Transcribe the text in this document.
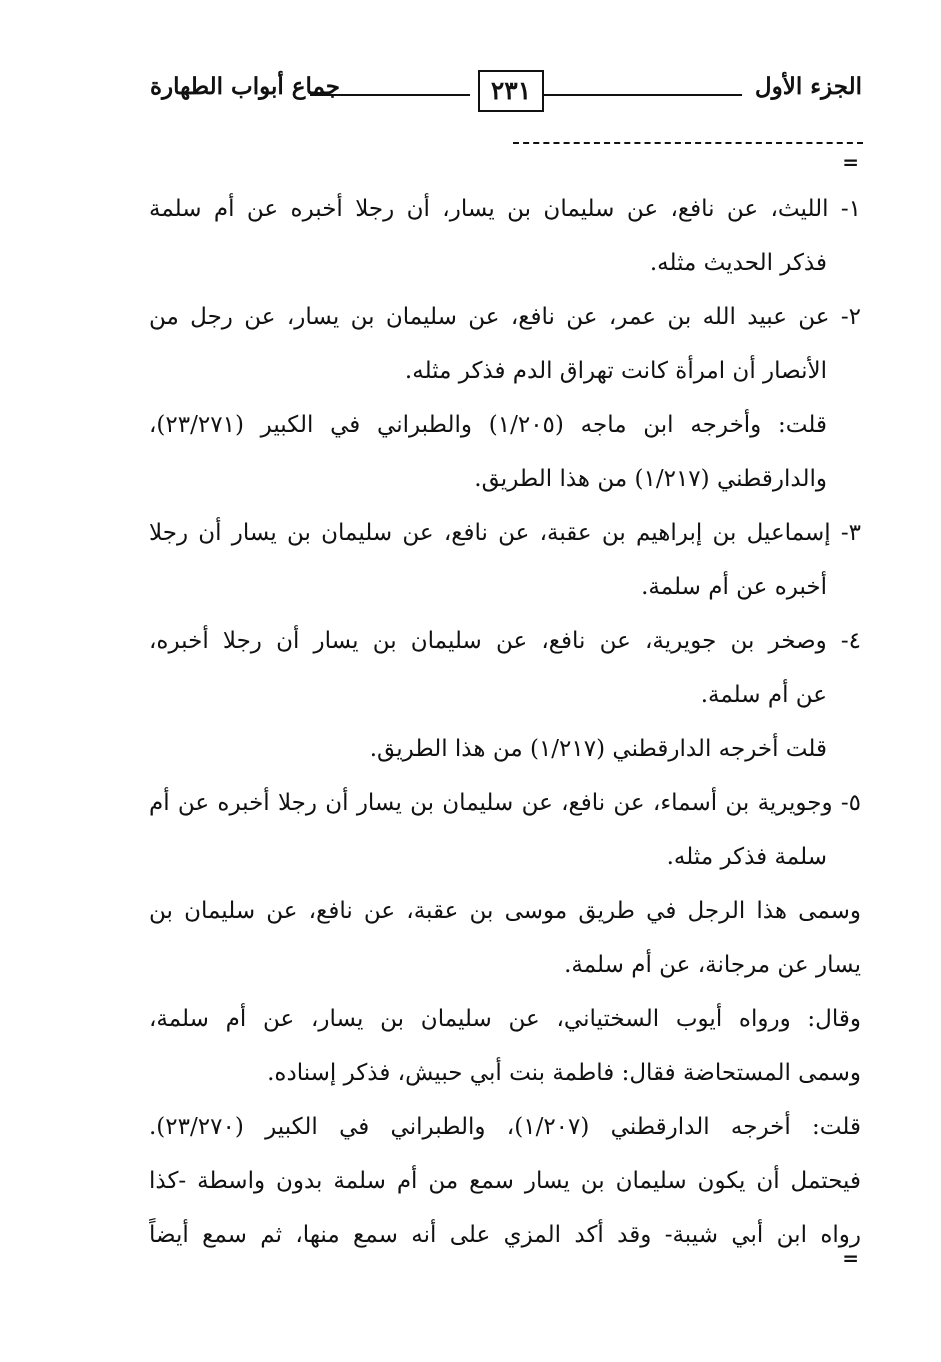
الجزء الأول
٢٣١
جماع أبواب الطهارة
=
١- الليث، عن نافع، عن سليمان بن يسار، أن رجلا أخبره عن أم سلمة
فذكر الحديث مثله.
٢- عن عبيد الله بن عمر، عن نافع، عن سليمان بن يسار، عن رجل من
الأنصار أن امرأة كانت تهراق الدم فذكر مثله.
قلت: وأخرجه ابن ماجه (١/٢٠٥) والطبراني في الكبير (٢٣/٢٧١)،
والدارقطني (١/٢١٧) من هذا الطريق.
٣- إسماعيل بن إبراهيم بن عقبة، عن نافع، عن سليمان بن يسار أن رجلا
أخبره عن أم سلمة.
٤- وصخر بن جويرية، عن نافع، عن سليمان بن يسار أن رجلا أخبره،
عن أم سلمة.
قلت أخرجه الدارقطني (١/٢١٧) من هذا الطريق.
٥- وجويرية بن أسماء، عن نافع، عن سليمان بن يسار أن رجلا أخبره عن أم
سلمة فذكر مثله.
وسمى هذا الرجل في طريق موسى بن عقبة، عن نافع، عن سليمان بن
يسار عن مرجانة، عن أم سلمة.
وقال: ورواه أيوب السختياني، عن سليمان بن يسار، عن أم سلمة،
وسمى المستحاضة فقال: فاطمة بنت أبي حبيش، فذكر إسناده.
قلت: أخرجه الدارقطني (١/٢٠٧)، والطبراني في الكبير (٢٣/٢٧٠).
فيحتمل أن يكون سليمان بن يسار سمع من أم سلمة بدون واسطة -كذا
رواه ابن أبي شيبة- وقد أكد المزي على أنه سمع منها، ثم سمع أيضاً
=
